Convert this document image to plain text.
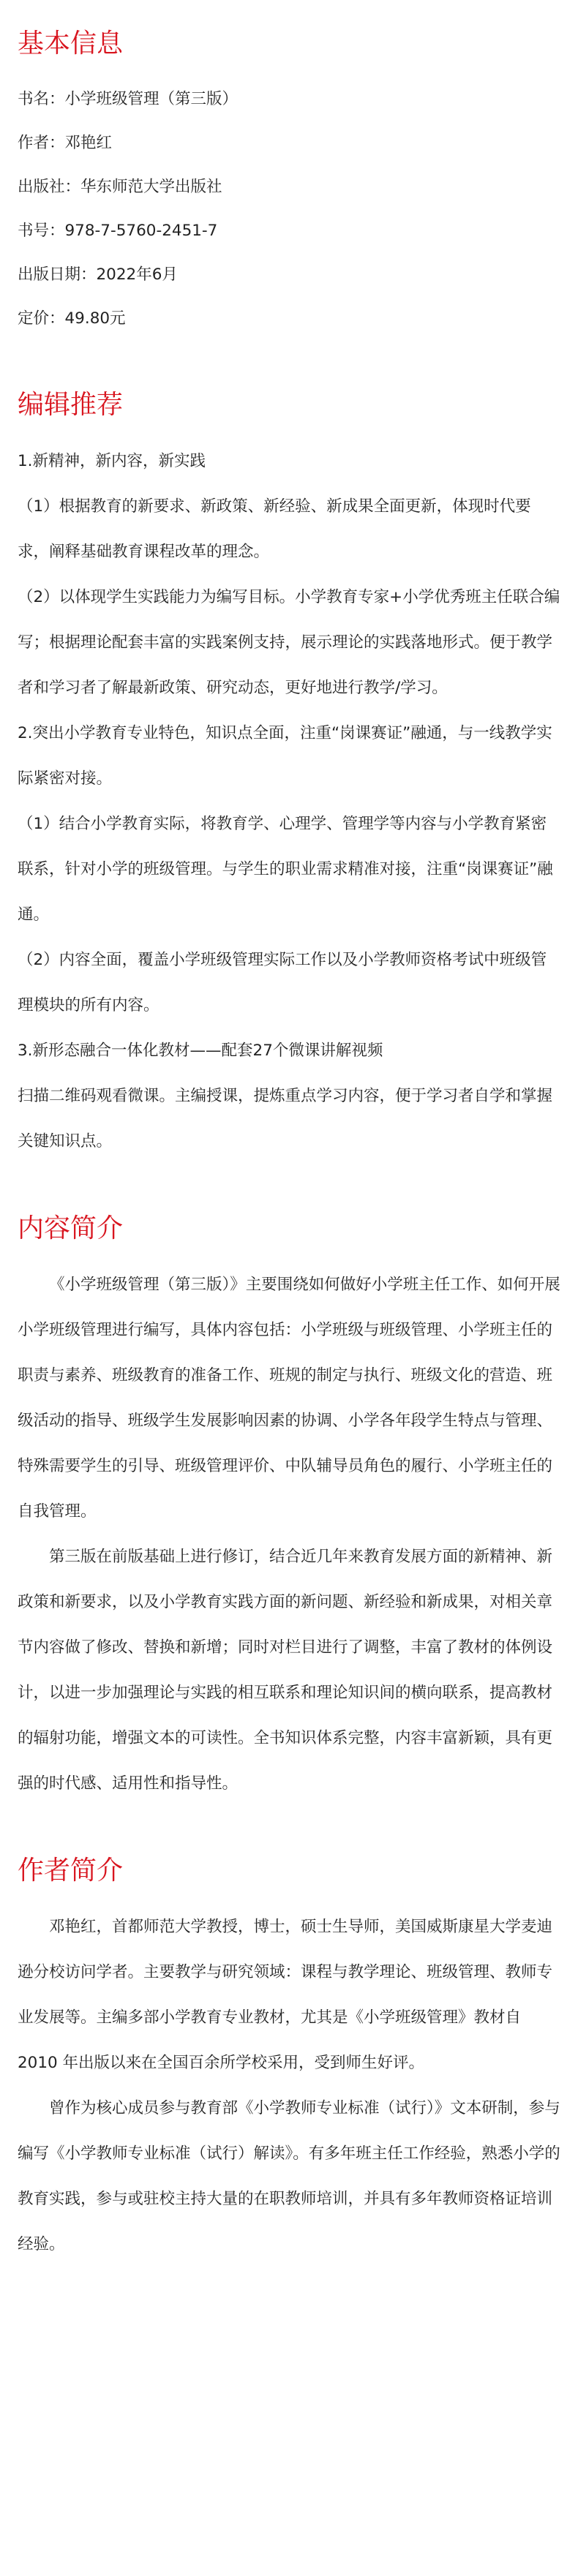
基本信息

书名：小学班级管理（第三版）

作者：邓艳红

出版社：华东师范大学出版社

书号：978-7-5760-2451-7

出版日期：2022年6月

定价：49.80元

编辑推荐

1.新精神，新内容，新实践

（1）根据教育的新要求、新政策、新经验、新成果全面更新，体现时代要求，阐释基础教育课程改革的理念。

（2）以体现学生实践能力为编写目标。小学教育专家+小学优秀班主任联合编写；根据理论配套丰富的实践案例支持，展示理论的实践落地形式。便于教学者和学习者了解最新政策、研究动态，更好地进行教学/学习。

2.突出小学教育专业特色，知识点全面，注重“岗课赛证”融通，与一线教学实际紧密对接。

（1）结合小学教育实际，将教育学、心理学、管理学等内容与小学教育紧密联系，针对小学的班级管理。与学生的职业需求精准对接，注重“岗课赛证”融通。

（2）内容全面，覆盖小学班级管理实际工作以及小学教师资格考试中班级管理模块的所有内容。

3.新形态融合一体化教材——配套27个微课讲解视频

扫描二维码观看微课。主编授课，提炼重点学习内容，便于学习者自学和掌握关键知识点。

内容简介

《小学班级管理（第三版）》主要围绕如何做好小学班主任工作、如何开展小学班级管理进行编写，具体内容包括：小学班级与班级管理、小学班主任的职责与素养、班级教育的准备工作、班规的制定与执行、班级文化的营造、班级活动的指导、班级学生发展影响因素的协调、小学各年段学生特点与管理、特殊需要学生的引导、班级管理评价、中队辅导员角色的履行、小学班主任的自我管理。

第三版在前版基础上进行修订，结合近几年来教育发展方面的新精神、新政策和新要求，以及小学教育实践方面的新问题、新经验和新成果，对相关章节内容做了修改、替换和新增；同时对栏目进行了调整，丰富了教材的体例设计，以进一步加强理论与实践的相互联系和理论知识间的横向联系，提高教材的辐射功能，增强文本的可读性。全书知识体系完整，内容丰富新颖，具有更强的时代感、适用性和指导性。

作者简介

邓艳红，首都师范大学教授，博士，硕士生导师，美国威斯康星大学麦迪逊分校访问学者。主要教学与研究领域：课程与教学理论、班级管理、教师专业发展等。主编多部小学教育专业教材，尤其是《小学班级管理》教材自 2010 年出版以来在全国百余所学校采用，受到师生好评。

曾作为核心成员参与教育部《小学教师专业标准（试行）》文本研制，参与编写《小学教师专业标准（试行）解读》。有多年班主任工作经验，熟悉小学的教育实践，参与或驻校主持大量的在职教师培训，并具有多年教师资格证培训经验。
